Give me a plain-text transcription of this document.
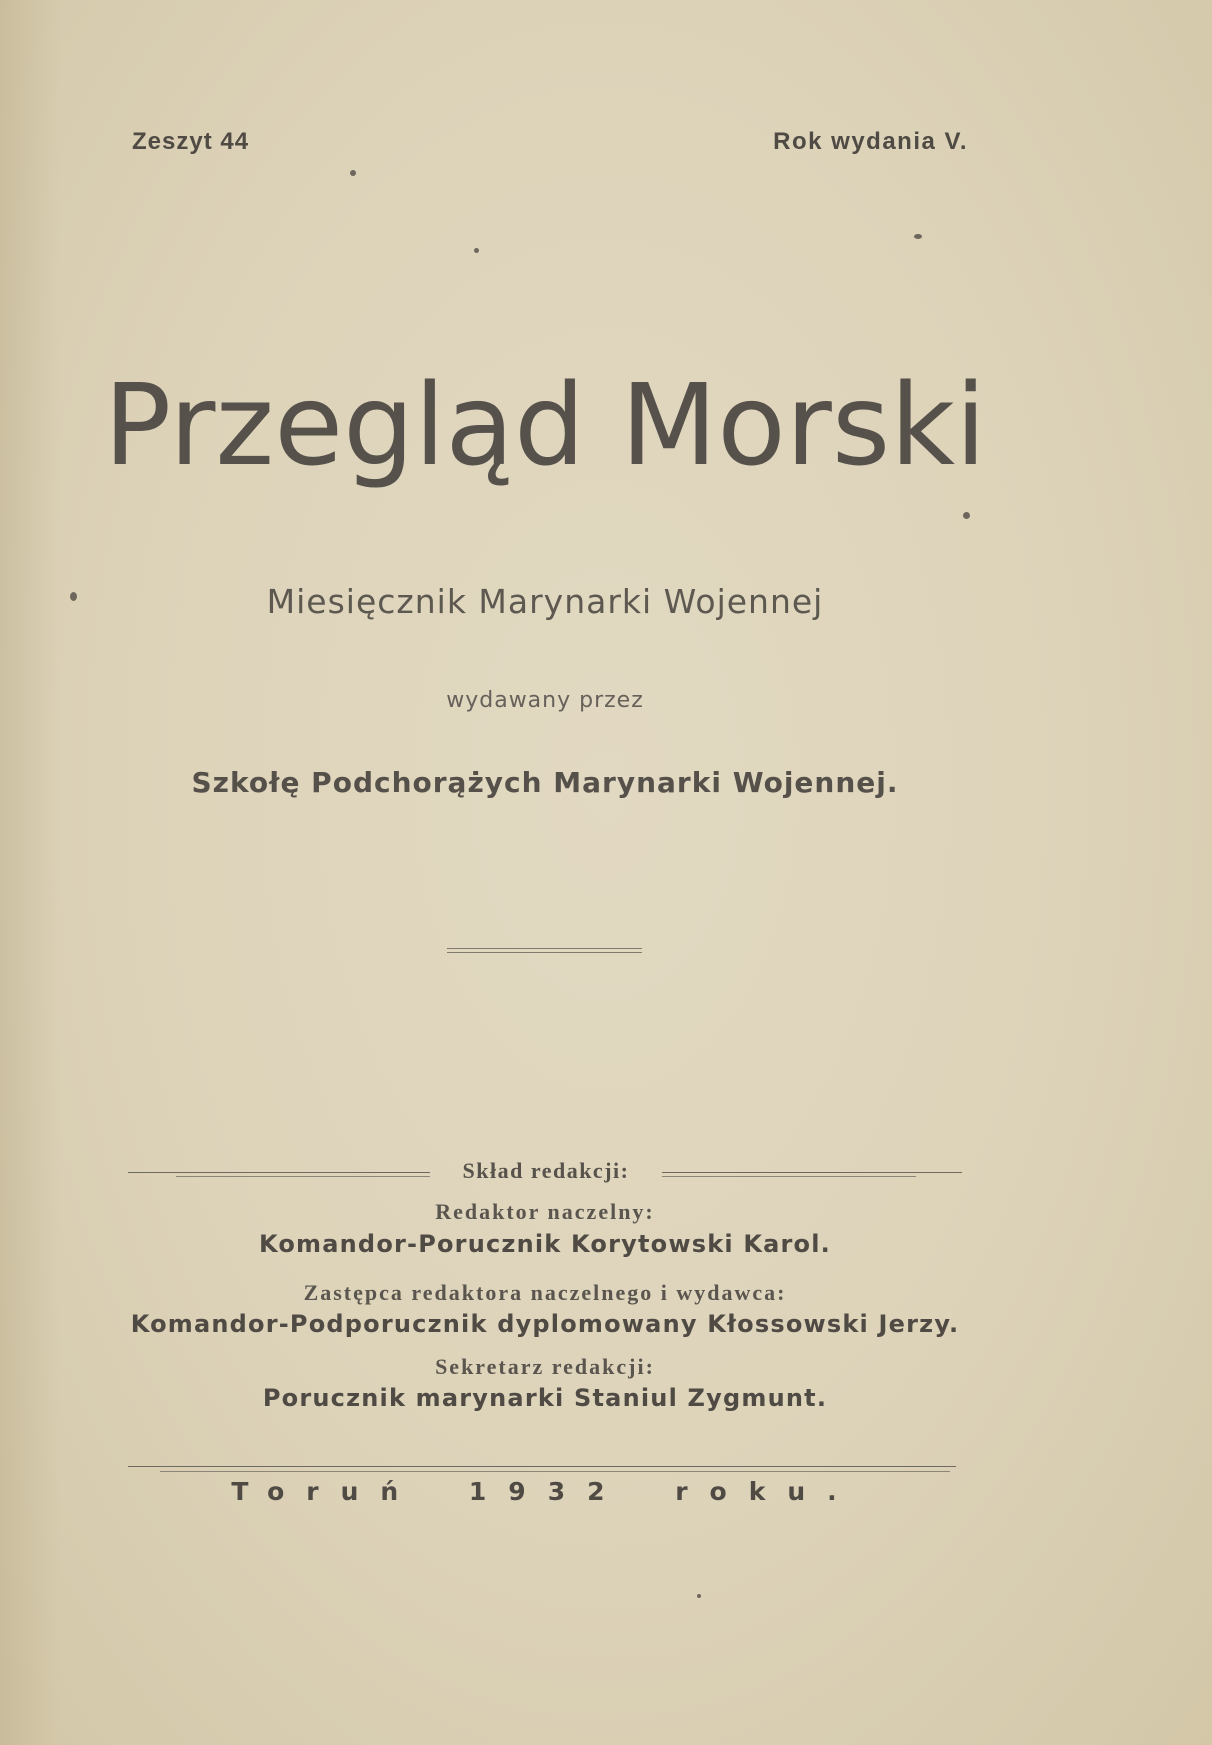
Zeszyt 44	Rok wydania V.
Przegląd Morski
Miesięcznik Marynarki Wojennej
wydawany przez
Szkołę Podchorążych Marynarki Wojennej.
Skład redakcji:
Redaktor naczelny:
Komandor-Porucznik Korytowski Karol.
Zastępca redaktora naczelnego i wydawca:
Komandor-Podporucznik dyplomowany Kłossowski Jerzy.
Sekretarz redakcji:
Porucznik marynarki Staniul Zygmunt.
Toruń 1932 roku.
